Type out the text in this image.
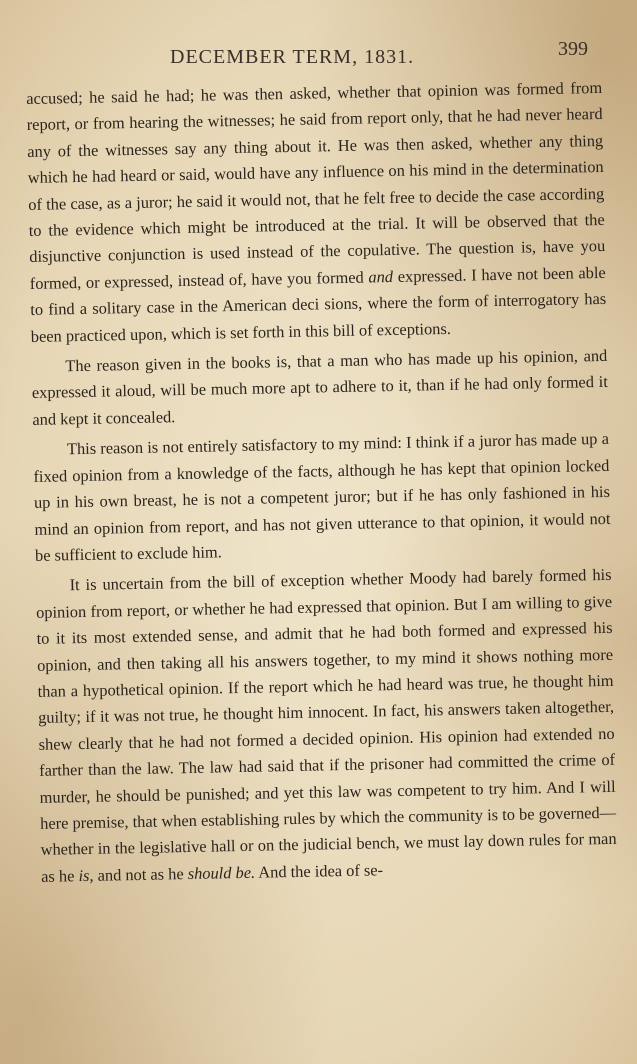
DECEMBER TERM, 1831.	399

accused; he said he had; he was then asked, whether that opinion was formed from report, or from hearing the witnesses; he said from report only, that he had never heard any of the witnesses say any thing about it. He was then asked, whether any thing which he had heard or said, would have any influence on his mind in the determination of the case, as a juror; he said it would not, that he felt free to decide the case according to the evidence which might be introduced at the trial. It will be observed that the disjunctive conjunction is used instead of the copulative. The question is, have you formed, or expressed, instead of, have you formed and expressed. I have not been able to find a solitary case in the American deci sions, where the form of interrogatory has been practiced upon, which is set forth in this bill of exceptions.

The reason given in the books is, that a man who has made up his opinion, and expressed it aloud, will be much more apt to adhere to it, than if he had only formed it and kept it concealed.

This reason is not entirely satisfactory to my mind: I think if a juror has made up a fixed opinion from a knowledge of the facts, although he has kept that opinion locked up in his own breast, he is not a competent juror; but if he has only fashioned in his mind an opinion from report, and has not given utterance to that opinion, it would not be sufficient to exclude him.

It is uncertain from the bill of exception whether Moody had barely formed his opinion from report, or whether he had expressed that opinion. But I am willing to give to it its most extended sense, and admit that he had both formed and expressed his opinion, and then taking all his answers together, to my mind it shows nothing more than a hypothetical opinion. If the report which he had heard was true, he thought him guilty; if it was not true, he thought him innocent. In fact, his answers taken altogether, shew clearly that he had not formed a decided opinion. His opinion had extended no farther than the law. The law had said that if the prisoner had committed the crime of murder, he should be punished; and yet this law was competent to try him. And I will here premise, that when establishing rules by which the community is to be governed—whether in the legislative hall or on the judicial bench, we must lay down rules for man as he is, and not as he should be. And the idea of se-
